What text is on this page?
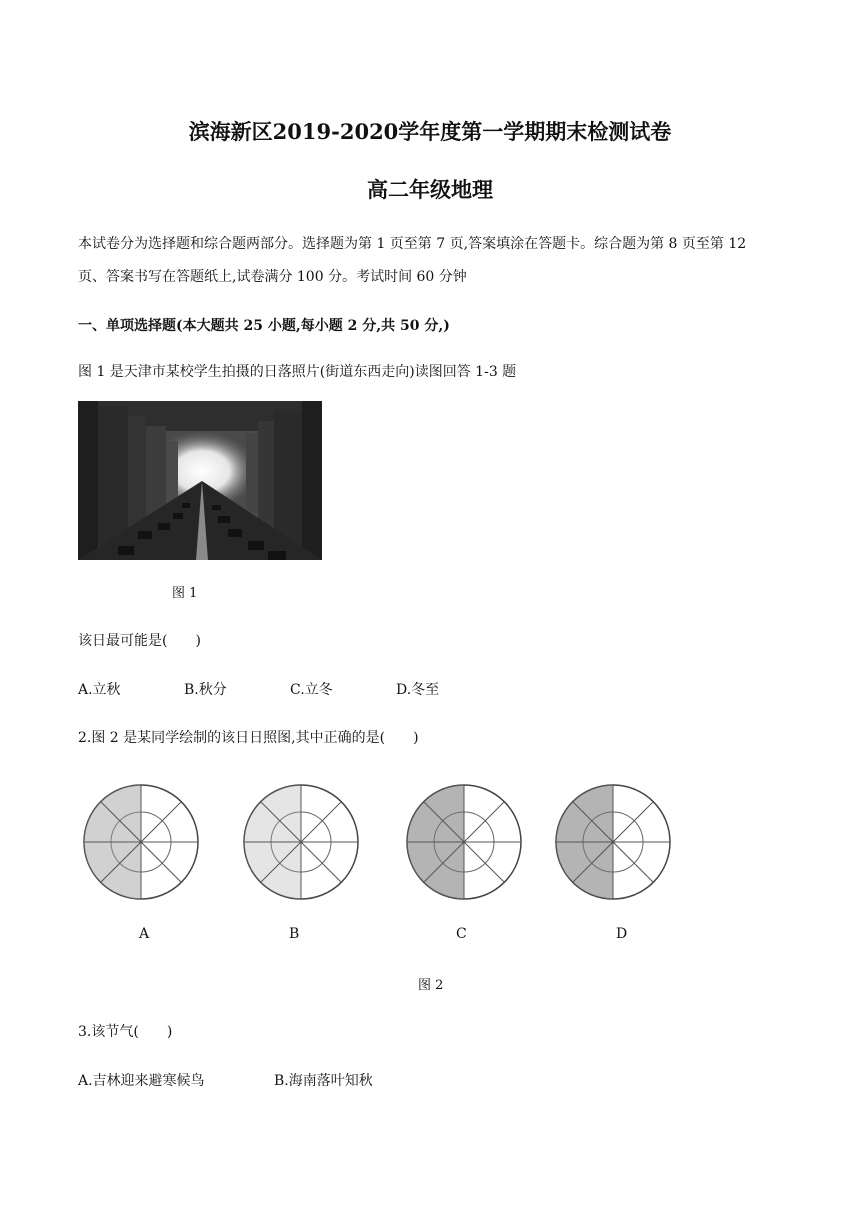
滨海新区2019-2020学年度第一学期期末检测试卷
高二年级地理
本试卷分为选择题和综合题两部分。选择题为第 1 页至第 7 页,答案填涂在答题卡。综合题为第 8 页至第 12
页、答案书写在答题纸上,试卷满分 100 分。考试时间 60 分钟
一、单项选择题(本大题共 25 小题,每小题 2 分,共 50 分,)
图 1 是天津市某校学生拍摄的日落照片(街道东西走向)读图回答 1-3 题
图 1
该日最可能是(　　)
A.立秋	B.秋分	C.立冬	D.冬至
2.图 2 是某同学绘制的该日日照图,其中正确的是(　　)
A	B	C	D
图 2
3.该节气(　　)
A.吉林迎来避寒候鸟	B.海南落叶知秋
